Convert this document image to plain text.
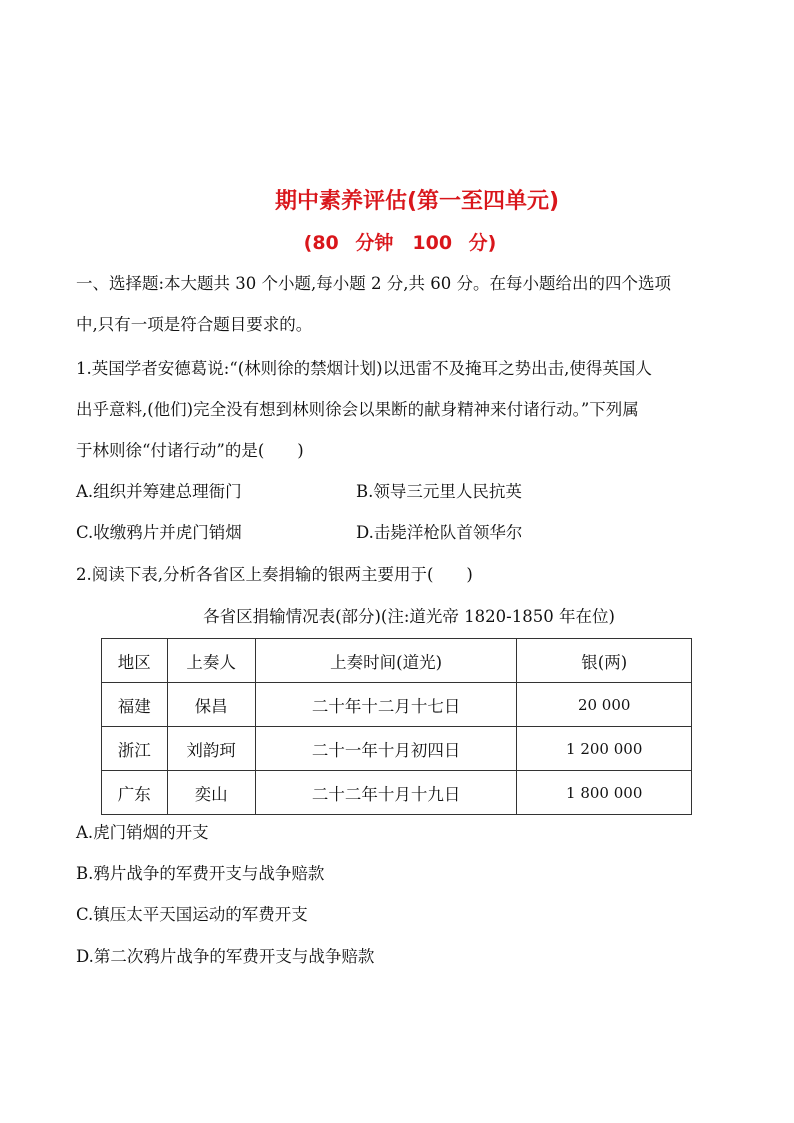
期中素养评估(第一至四单元)
(80 分钟　100 分)

一、选择题:本大题共 30 个小题,每小题 2 分,共 60 分。在每小题给出的四个选项

中,只有一项是符合题目要求的。

1.英国学者安德葛说:“(林则徐的禁烟计划)以迅雷不及掩耳之势出击,使得英国人

出乎意料,(他们)完全没有想到林则徐会以果断的献身精神来付诸行动。”下列属

于林则徐“付诸行动”的是(　　)

A.组织并筹建总理衙门	B.领导三元里人民抗英
C.收缴鸦片并虎门销烟	D.击毙洋枪队首领华尔

2.阅读下表,分析各省区上奏捐输的银两主要用于(　　)

各省区捐输情况表(部分)(注:道光帝 1820-1850 年在位)
地区	上奏人	上奏时间(道光)	银(两)
福建	保昌	二十年十二月十七日	20 000
浙江	刘韵珂	二十一年十月初四日	1 200 000
广东	奕山	二十二年十月十九日	1 800 000
A.虎门销烟的开支
B.鸦片战争的军费开支与战争赔款
C.镇压太平天国运动的军费开支
D.第二次鸦片战争的军费开支与战争赔款
